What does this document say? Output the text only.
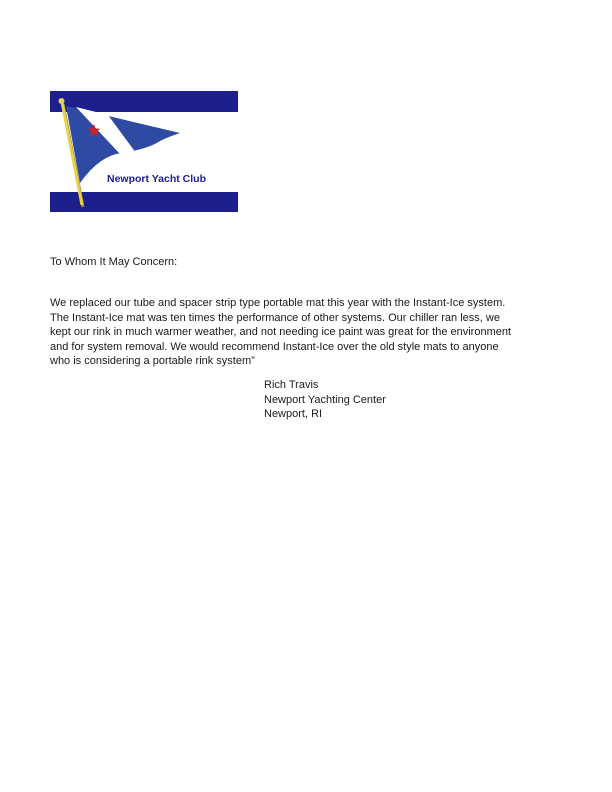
Newport Yacht Club
To Whom It May Concern:
We replaced our tube and spacer strip type portable mat this year with the Instant-Ice system.
The Instant-Ice mat was ten times the performance of other systems. Our chiller ran less, we
kept our rink in much warmer weather, and not needing ice paint was great for the environment
and for system removal. We would recommend Instant-Ice over the old style mats to anyone
who is considering a portable rink system”
Rich Travis
Newport Yachting Center
Newport, RI
